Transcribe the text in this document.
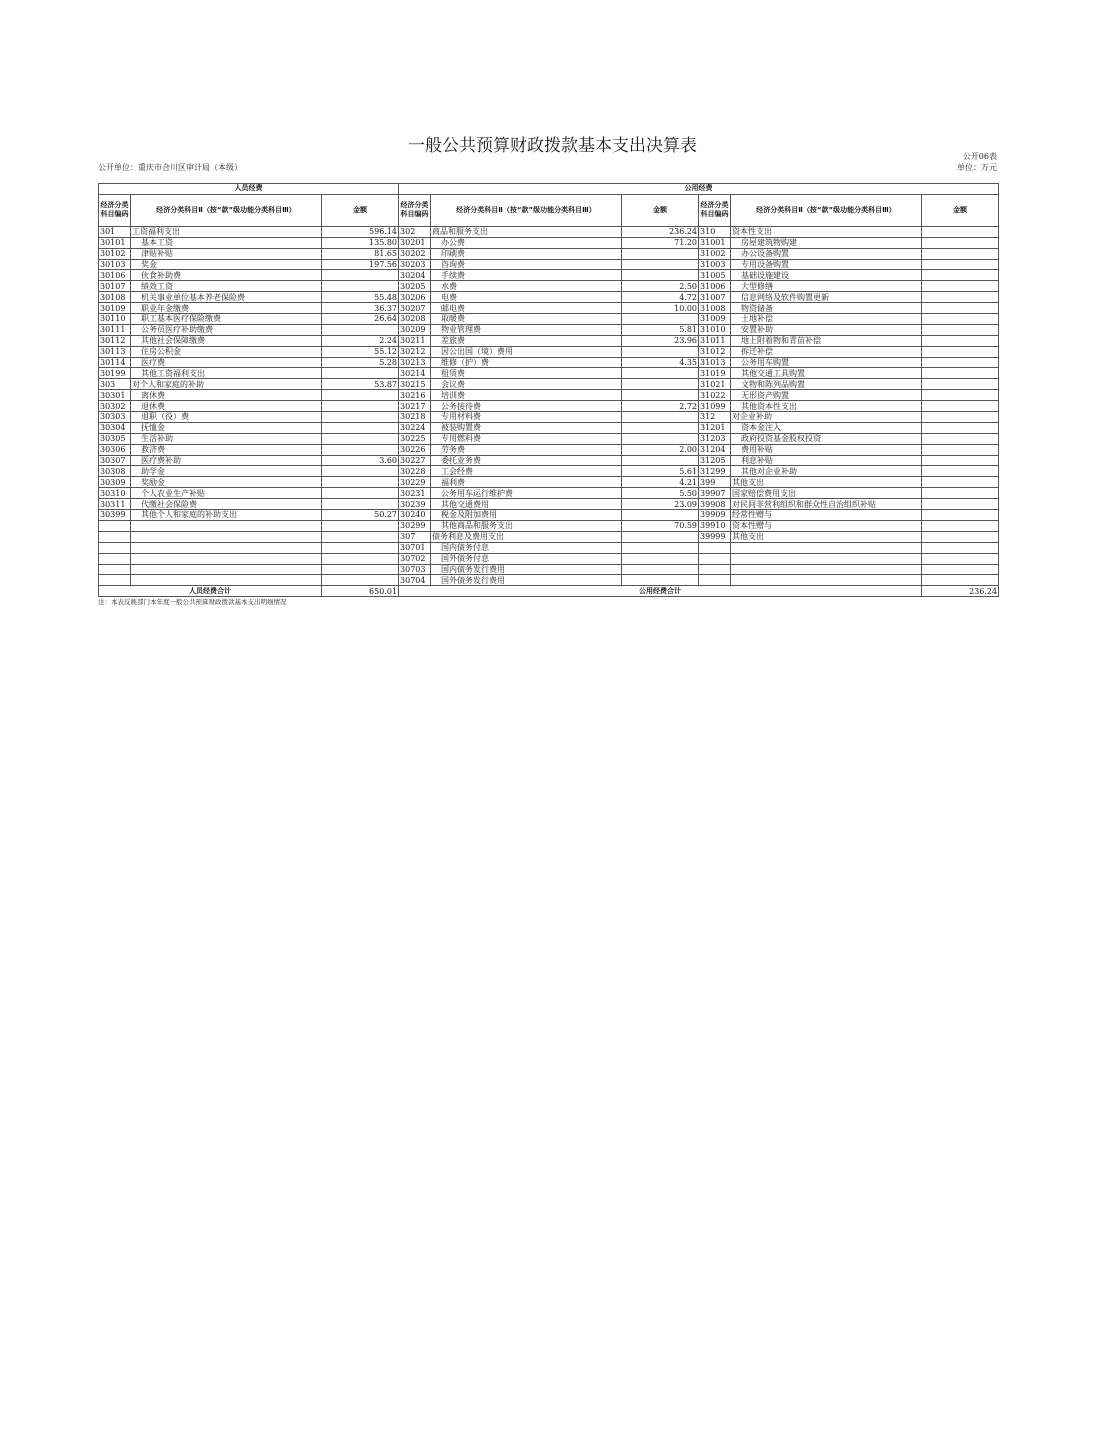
一般公共预算财政拨款基本支出决算表
公开单位：重庆市合川区审计局（本级）
公开06表
单位：万元
人员经费			公用经费					
经济分类科目编码	经济分类科目Ⅱ（按“款”级功能分类科目Ⅲ）	金额	经济分类科目编码	经济分类科目Ⅱ（按“款”级功能分类科目Ⅲ）	金额	经济分类科目编码	经济分类科目Ⅱ（按“款”级功能分类科目Ⅲ）	金额
301	工资福利支出	596.14	302	商品和服务支出	236.24	310	资本性支出	
30101	基本工资	135.80	30201	办公费	71.20	31001	房屋建筑物购建	
30102	津贴补贴	81.65	30202	印刷费		31002	办公设备购置	
30103	奖金	197.56	30203	咨询费		31003	专用设备购置	
30106	伙食补助费		30204	手续费		31005	基础设施建设	
30107	绩效工资		30205	水费	2.50	31006	大型修缮	
30108	机关事业单位基本养老保险费	55.48	30206	电费	4.72	31007	信息网络及软件购置更新	
30109	职业年金缴费	36.37	30207	邮电费	10.00	31008	物资储备	
30110	职工基本医疗保险缴费	26.64	30208	取暖费		31009	土地补偿	
30111	公务员医疗补助缴费		30209	物业管理费	5.81	31010	安置补助	
30112	其他社会保障缴费	2.24	30211	差旅费	23.96	31011	地上附着物和青苗补偿	
30113	住房公积金	55.12	30212	因公出国（境）费用		31012	拆迁补偿	
30114	医疗费	5.28	30213	维修（护）费	4.35	31013	公务用车购置	
30199	其他工资福利支出		30214	租赁费		31019	其他交通工具购置	
303	对个人和家庭的补助	53.87	30215	会议费		31021	文物和陈列品购置	
30301	离休费		30216	培训费		31022	无形资产购置	
30302	退休费		30217	公务接待费	2.72	31099	其他资本性支出	
30303	退职（役）费		30218	专用材料费		312	对企业补助	
30304	抚恤金		30224	被装购置费		31201	资本金注入	
30305	生活补助		30225	专用燃料费		31203	政府投资基金股权投资	
30306	救济费		30226	劳务费	2.00	31204	费用补贴	
30307	医疗费补助	3.60	30227	委托业务费		31205	利息补贴	
30308	助学金		30228	工会经费	5.61	31299	其他对企业补助	
30309	奖励金		30229	福利费	4.21	399	其他支出	
30310	个人农业生产补贴		30231	公务用车运行维护费	5.50	39907	国家赔偿费用支出	
30311	代缴社会保险费		30239	其他交通费用	23.09	39908	对民间非营利组织和群众性自治组织补贴	
30399	其他个人和家庭的补助支出	50.27	30240	税金及附加费用		39909	经常性赠与	
			30299	其他商品和服务支出	70.59	39910	资本性赠与	
			307	债务利息及费用支出		39999	其他支出	
			30701	国内债务付息				
			30702	国外债务付息				
			30703	国内债务发行费用				
			30704	国外债务发行费用				
人员经费合计		650.01	公用经费合计					236.24
注：本表反映部门本年度一般公共预算财政拨款基本支出明细情况
